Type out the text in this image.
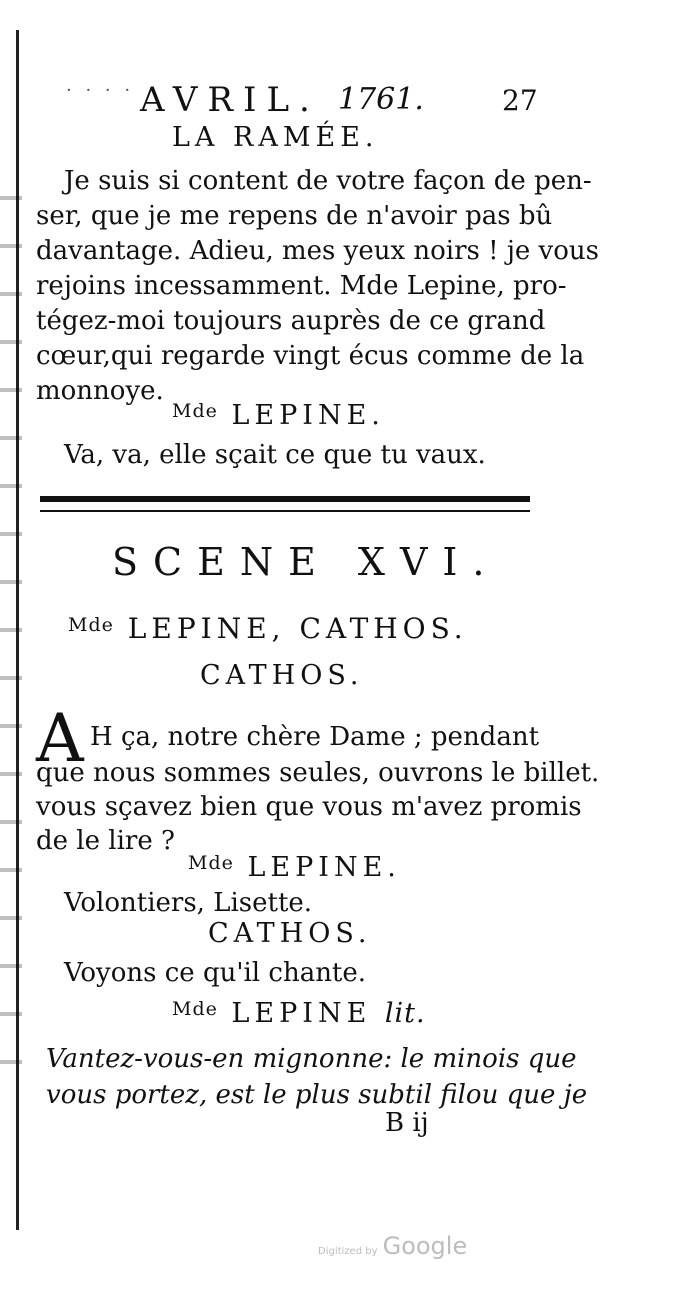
· · · · AVRIL. 1761.	27
LA RAMÉE.
Je suis si content de votre façon de pen-
ser, que je me repens de n'avoir pas bû
davantage. Adieu, mes yeux noirs ! je vous
rejoins incessamment. Mde Lepine, pro-
tégez-moi toujours auprès de ce grand
cœur,qui regarde vingt écus comme de la
monnoye.
$^{Mde}$ LEPINE.
Va, va, elle sçait ce que tu vaux.
SCENE XVI.
$^{Mde}$ LEPINE, CATHOS.
CATHOS.
A H ça, notre chère Dame ; pendant
que nous sommes seules, ouvrons le billet.
vous sçavez bien que vous m'avez promis
de le lire ?
$^{Mde}$ LEPINE.
Volontiers, Lisette.
CATHOS.
Voyons ce qu'il chante.
$^{Mde}$ LEPINE lit.
Vantez-vous-en mignonne: le minois que
vous portez, est le plus subtil filou que je
B ij
Digitized by Google
